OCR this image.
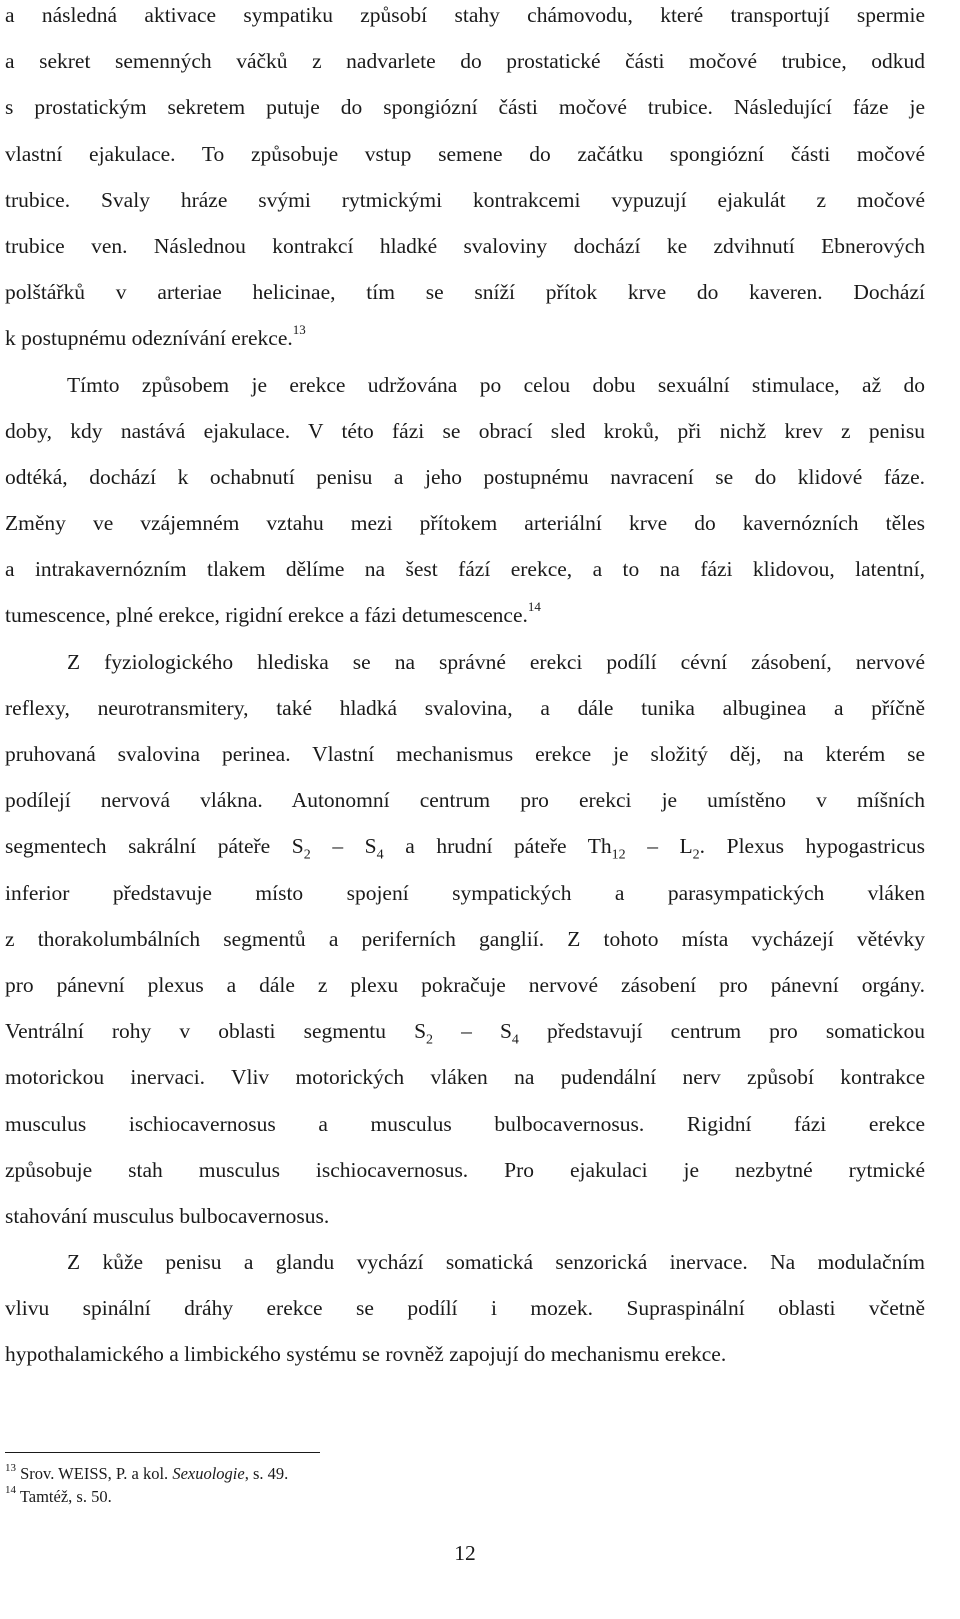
a následná aktivace sympatiku způsobí stahy chámovodu, které transportují spermie
a sekret semenných váčků z nadvarlete do prostatické části močové trubice, odkud
s prostatickým sekretem putuje do spongiózní části močové trubice. Následující fáze je
vlastní ejakulace. To způsobuje vstup semene do začátku spongiózní části močové
trubice. Svaly hráze svými rytmickými kontrakcemi vypuzují ejakulát z močové
trubice ven. Následnou kontrakcí hladké svaloviny dochází ke zdvihnutí Ebnerových
polštářků v arteriae helicinae, tím se sníží přítok krve do kaveren. Dochází
k postupnému odeznívání erekce.$^{13}$
Tímto způsobem je erekce udržována po celou dobu sexuální stimulace, až do
doby, kdy nastává ejakulace. V této fázi se obrací sled kroků, při nichž krev z penisu
odtéká, dochází k ochabnutí penisu a jeho postupnému navracení se do klidové fáze.
Změny ve vzájemném vztahu mezi přítokem arteriální krve do kavernózních těles
a intrakavernózním tlakem dělíme na šest fází erekce, a to na fázi klidovou, latentní,
tumescence, plné erekce, rigidní erekce a fázi detumescence.$^{14}$
Z fyziologického hlediska se na správné erekci podílí cévní zásobení, nervové
reflexy, neurotransmitery, také hladká svalovina, a dále tunika albuginea a příčně
pruhovaná svalovina perinea. Vlastní mechanismus erekce je složitý děj, na kterém se
podílejí nervová vlákna. Autonomní centrum pro erekci je umístěno v míšních
segmentech sakrální páteře $S_2 - S_4$ a hrudní páteře $Th_{12} - L_2$. Plexus hypogastricus
inferior představuje místo spojení sympatických a parasympatických vláken
z thorakolumbálních segmentů a periferních ganglií. Z tohoto místa vycházejí větévky
pro pánevní plexus a dále z plexu pokračuje nervové zásobení pro pánevní orgány.
Ventrální rohy v oblasti segmentu $S_2 - S_4$ představují centrum pro somatickou
motorickou inervaci. Vliv motorických vláken na pudendální nerv způsobí kontrakce
musculus ischiocavernosus a musculus bulbocavernosus. Rigidní fázi erekce
způsobuje stah musculus ischiocavernosus. Pro ejakulaci je nezbytné rytmické
stahování musculus bulbocavernosus.
Z kůže penisu a glandu vychází somatická senzorická inervace. Na modulačním
vlivu spinální dráhy erekce se podílí i mozek. Supraspinální oblasti včetně
hypothalamického a limbického systému se rovněž zapojují do mechanismu erekce.
$^{13}$ Srov. WEISS, P. a kol. Sexuologie, s. 49.
$^{14}$ Tamtéž, s. 50.
12
